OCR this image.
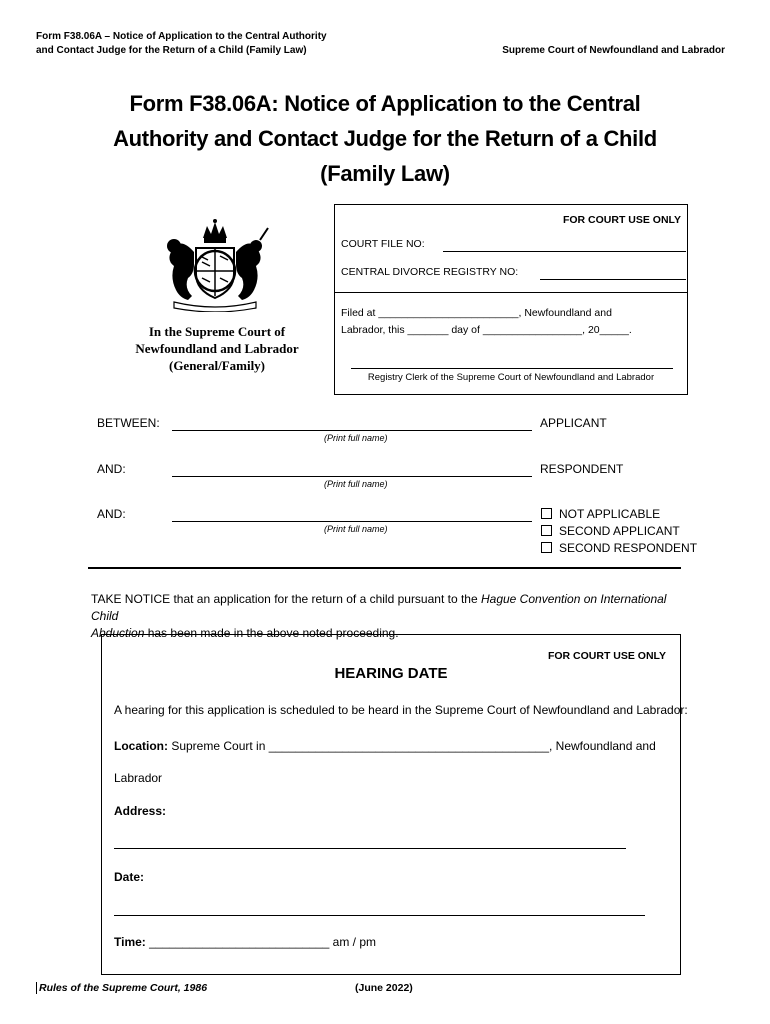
Form F38.06A – Notice of Application to the Central Authority
and Contact Judge for the Return of a Child (Family Law)	Supreme Court of Newfoundland and Labrador
Form F38.06A: Notice of Application to the Central
Authority and Contact Judge for the Return of a Child
(Family Law)
In the Supreme Court of
Newfoundland and Labrador
(General/Family)
FOR COURT USE ONLY
COURT FILE NO:
CENTRAL DIVORCE REGISTRY NO:
Filed at ________________________, Newfoundland and
Labrador, this _______ day of _________________, 20_____.
Registry Clerk of the Supreme Court of Newfoundland and Labrador
BETWEEN:
(Print full name)
APPLICANT
AND:
(Print full name)
RESPONDENT
AND:
(Print full name)
NOT APPLICABLE
SECOND APPLICANT
SECOND RESPONDENT
TAKE NOTICE that an application for the return of a child pursuant to the Hague Convention on International Child
Abduction has been made in the above noted proceeding.
FOR COURT USE ONLY
HEARING DATE
A hearing for this application is scheduled to be heard in the Supreme Court of Newfoundland and Labrador:
Location: Supreme Court in __________________________________________, Newfoundland and
Labrador
Address:
Date:
Time: ___________________________ am / pm
Rules of the Supreme Court, 1986	(June 2022)
